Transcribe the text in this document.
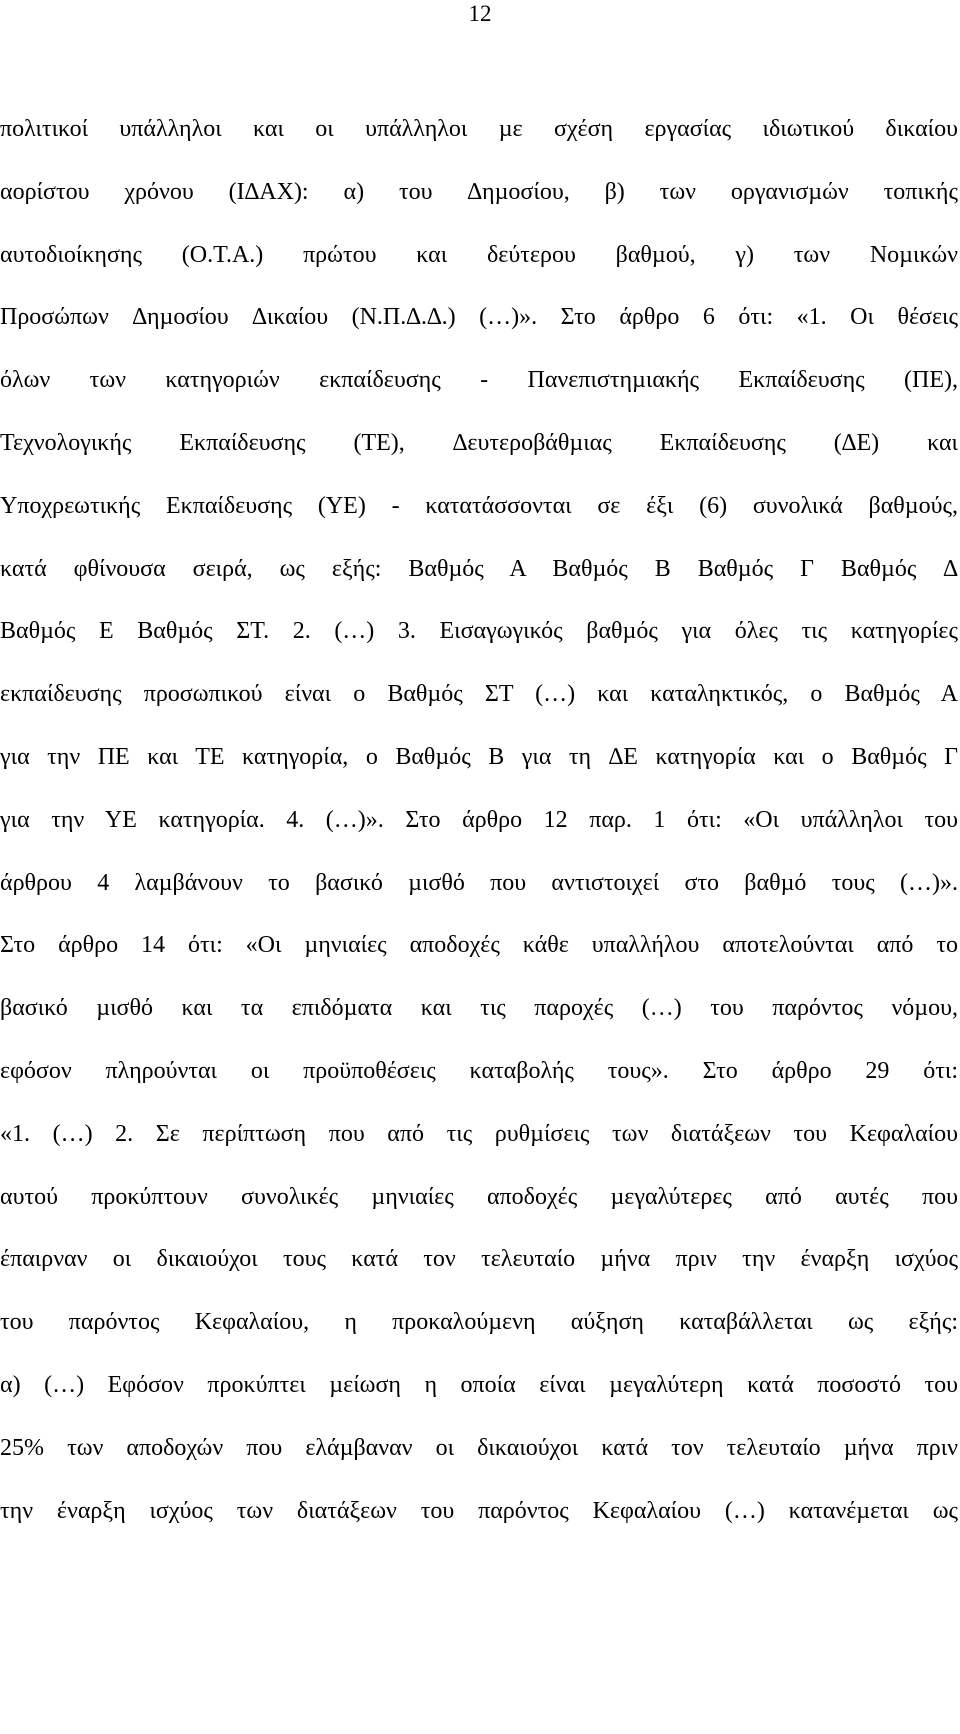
12
πολιτικοί υπάλληλοι και οι υπάλληλοι µε σχέση εργασίας ιδιωτικού δικαίου
αορίστου χρόνου (Ι∆ΑΧ): α) του ∆ηµοσίου, β) των οργανισµών τοπικής
αυτοδιοίκησης (Ο.Τ.Α.) πρώτου και δεύτερου βαθµού, γ) των Νοµικών
Προσώπων ∆ηµοσίου ∆ικαίου (Ν.Π.∆.∆.) (…)». Στο άρθρο 6 ότι: «1. Οι θέσεις
όλων των κατηγοριών εκπαίδευσης - Πανεπιστηµιακής Εκπαίδευσης (ΠΕ),
Τεχνολογικής Εκπαίδευσης (ΤΕ), ∆ευτεροβάθµιας Εκπαίδευσης (∆Ε) και
Υποχρεωτικής Εκπαίδευσης (ΥΕ) - κατατάσσονται σε έξι (6) συνολικά βαθµούς,
κατά φθίνουσα σειρά, ως εξής: Βαθµός Α Βαθµός Β Βαθµός Γ Βαθµός ∆
Βαθµός Ε Βαθµός ΣΤ. 2. (…) 3. Εισαγωγικός βαθµός για όλες τις κατηγορίες
εκπαίδευσης προσωπικού είναι ο Βαθµός ΣΤ (…) και καταληκτικός, ο Βαθµός Α
για την ΠΕ και ΤΕ κατηγορία, ο Βαθµός Β για τη ∆Ε κατηγορία και ο Βαθµός Γ
για την ΥΕ κατηγορία. 4. (…)». Στο άρθρο 12 παρ. 1 ότι: «Οι υπάλληλοι του
άρθρου 4 λαµβάνουν το βασικό µισθό που αντιστοιχεί στο βαθµό τους (…)».
Στο άρθρο 14 ότι: «Οι µηνιαίες αποδοχές κάθε υπαλλήλου αποτελούνται από το
βασικό µισθό και τα επιδόµατα και τις παροχές (…) του παρόντος νόµου,
εφόσον πληρούνται οι προϋποθέσεις καταβολής τους». Στο άρθρο 29 ότι:
«1. (…) 2. Σε περίπτωση που από τις ρυθµίσεις των διατάξεων του Κεφαλαίου
αυτού προκύπτουν συνολικές µηνιαίες αποδοχές µεγαλύτερες από αυτές που
έπαιρναν οι δικαιούχοι τους κατά τον τελευταίο µήνα πριν την έναρξη ισχύος
του παρόντος Κεφαλαίου, η προκαλούµενη αύξηση καταβάλλεται ως εξής:
α) (…) Εφόσον προκύπτει µείωση η οποία είναι µεγαλύτερη κατά ποσοστό του
25% των αποδοχών που ελάµβαναν οι δικαιούχοι κατά τον τελευταίο µήνα πριν
την έναρξη ισχύος των διατάξεων του παρόντος Κεφαλαίου (…) κατανέµεται ως
